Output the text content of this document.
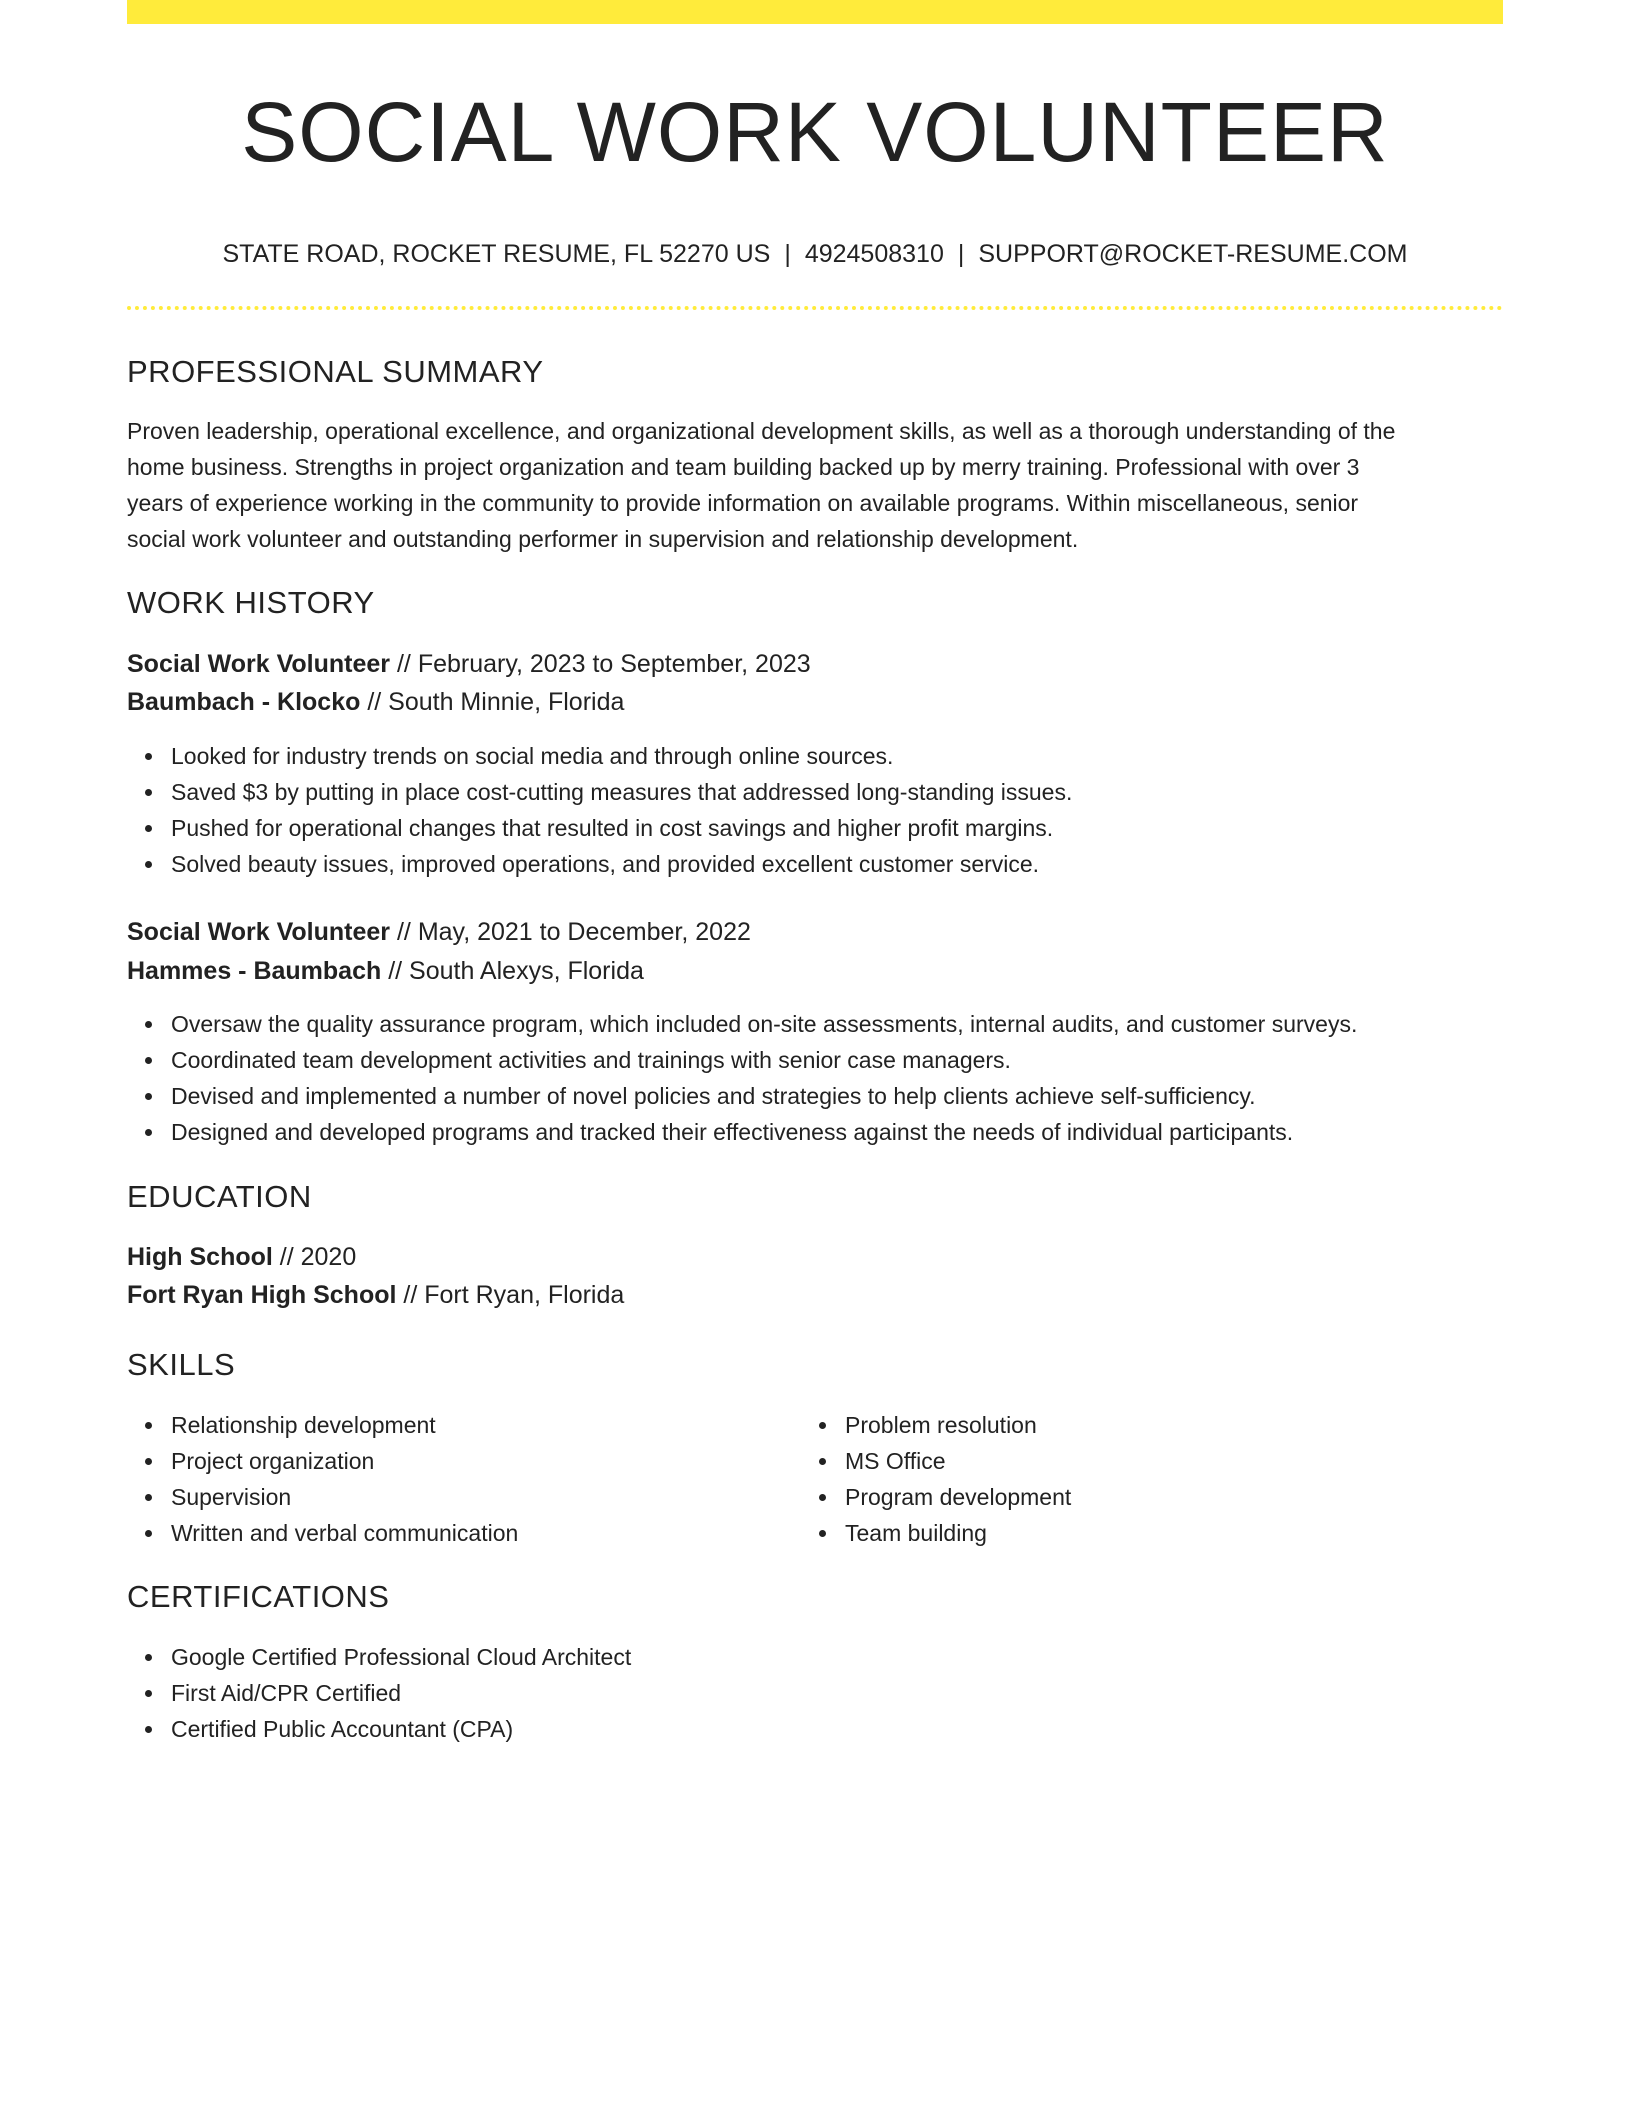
SOCIAL WORK VOLUNTEER
STATE ROAD, ROCKET RESUME, FL 52270 US | 4924508310 | SUPPORT@ROCKET-RESUME.COM
PROFESSIONAL SUMMARY
Proven leadership, operational excellence, and organizational development skills, as well as a thorough understanding of the
home business. Strengths in project organization and team building backed up by merry training. Professional with over 3
years of experience working in the community to provide information on available programs. Within miscellaneous, senior
social work volunteer and outstanding performer in supervision and relationship development.
WORK HISTORY
Social Work Volunteer // February, 2023 to September, 2023
Baumbach - Klocko // South Minnie, Florida
Looked for industry trends on social media and through online sources.
Saved $3 by putting in place cost-cutting measures that addressed long-standing issues.
Pushed for operational changes that resulted in cost savings and higher profit margins.
Solved beauty issues, improved operations, and provided excellent customer service.
Social Work Volunteer // May, 2021 to December, 2022
Hammes - Baumbach // South Alexys, Florida
Oversaw the quality assurance program, which included on-site assessments, internal audits, and customer surveys.
Coordinated team development activities and trainings with senior case managers.
Devised and implemented a number of novel policies and strategies to help clients achieve self-sufficiency.
Designed and developed programs and tracked their effectiveness against the needs of individual participants.
EDUCATION
High School // 2020
Fort Ryan High School // Fort Ryan, Florida
SKILLS
Relationship development
Project organization
Supervision
Written and verbal communication
Problem resolution
MS Office
Program development
Team building
CERTIFICATIONS
Google Certified Professional Cloud Architect
First Aid/CPR Certified
Certified Public Accountant (CPA)
